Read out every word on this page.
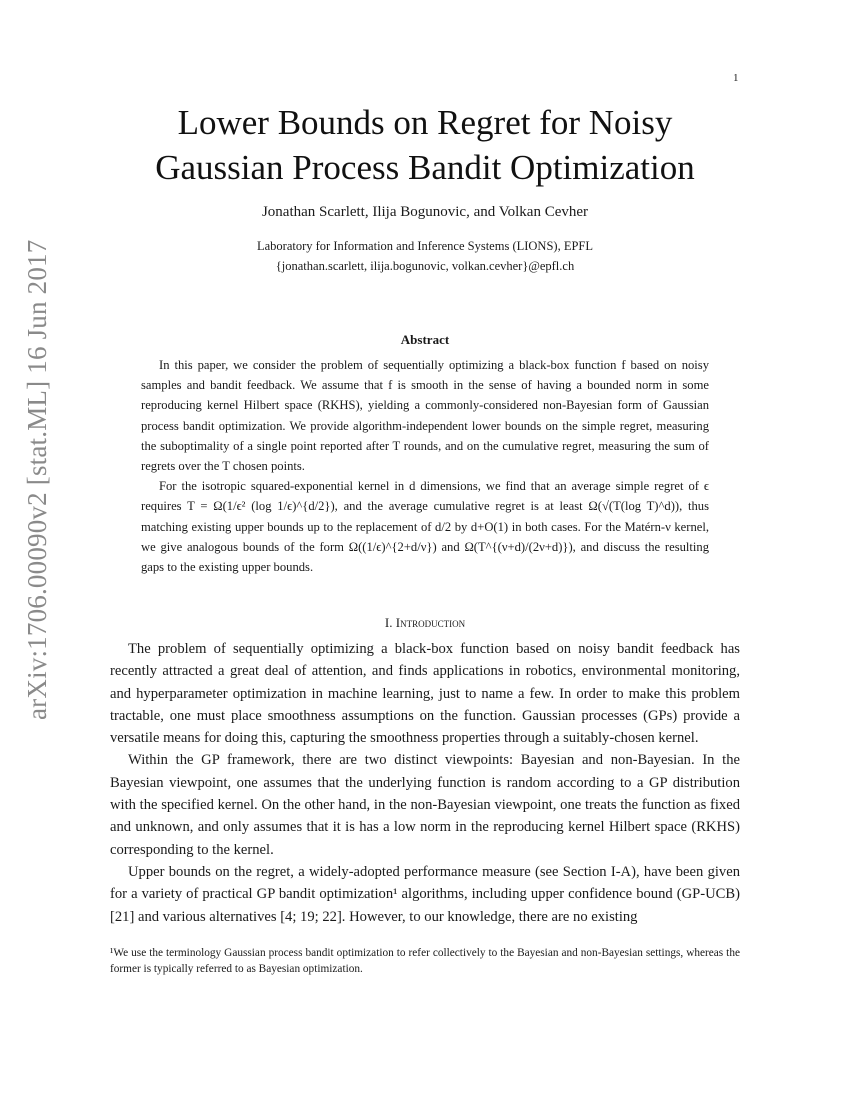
1
arXiv:1706.00090v2 [stat.ML] 16 Jun 2017
Lower Bounds on Regret for Noisy
Gaussian Process Bandit Optimization
Jonathan Scarlett, Ilija Bogunovic, and Volkan Cevher
Laboratory for Information and Inference Systems (LIONS), EPFL
{jonathan.scarlett, ilija.bogunovic, volkan.cevher}@epfl.ch
Abstract

In this paper, we consider the problem of sequentially optimizing a black-box function f based on noisy samples and bandit feedback. We assume that f is smooth in the sense of having a bounded norm in some reproducing kernel Hilbert space (RKHS), yielding a commonly-considered non-Bayesian form of Gaussian process bandit optimization. We provide algorithm-independent lower bounds on the simple regret, measuring the suboptimality of a single point reported after T rounds, and on the cumulative regret, measuring the sum of regrets over the T chosen points.

For the isotropic squared-exponential kernel in d dimensions, we find that an average simple regret of ϵ requires T = Ω(1/ϵ² (log 1/ϵ)^{d/2}), and the average cumulative regret is at least Ω(√(T(log T)^d)), thus matching existing upper bounds up to the replacement of d/2 by d+O(1) in both cases. For the Matérn-ν kernel, we give analogous bounds of the form Ω((1/ϵ)^{2+d/ν}) and Ω(T^{(ν+d)/(2ν+d)}), and discuss the resulting gaps to the existing upper bounds.

I. Introduction

The problem of sequentially optimizing a black-box function based on noisy bandit feedback has recently attracted a great deal of attention, and finds applications in robotics, environmental monitoring, and hyperparameter optimization in machine learning, just to name a few. In order to make this problem tractable, one must place smoothness assumptions on the function. Gaussian processes (GPs) provide a versatile means for doing this, capturing the smoothness properties through a suitably-chosen kernel.

Within the GP framework, there are two distinct viewpoints: Bayesian and non-Bayesian. In the Bayesian viewpoint, one assumes that the underlying function is random according to a GP distribution with the specified kernel. On the other hand, in the non-Bayesian viewpoint, one treats the function as fixed and unknown, and only assumes that it is has a low norm in the reproducing kernel Hilbert space (RKHS) corresponding to the kernel.

Upper bounds on the regret, a widely-adopted performance measure (see Section I-A), have been given for a variety of practical GP bandit optimization¹ algorithms, including upper confidence bound (GP-UCB) [21] and various alternatives [4; 19; 22]. However, to our knowledge, there are no existing

¹We use the terminology Gaussian process bandit optimization to refer collectively to the Bayesian and non-Bayesian settings, whereas the former is typically referred to as Bayesian optimization.
